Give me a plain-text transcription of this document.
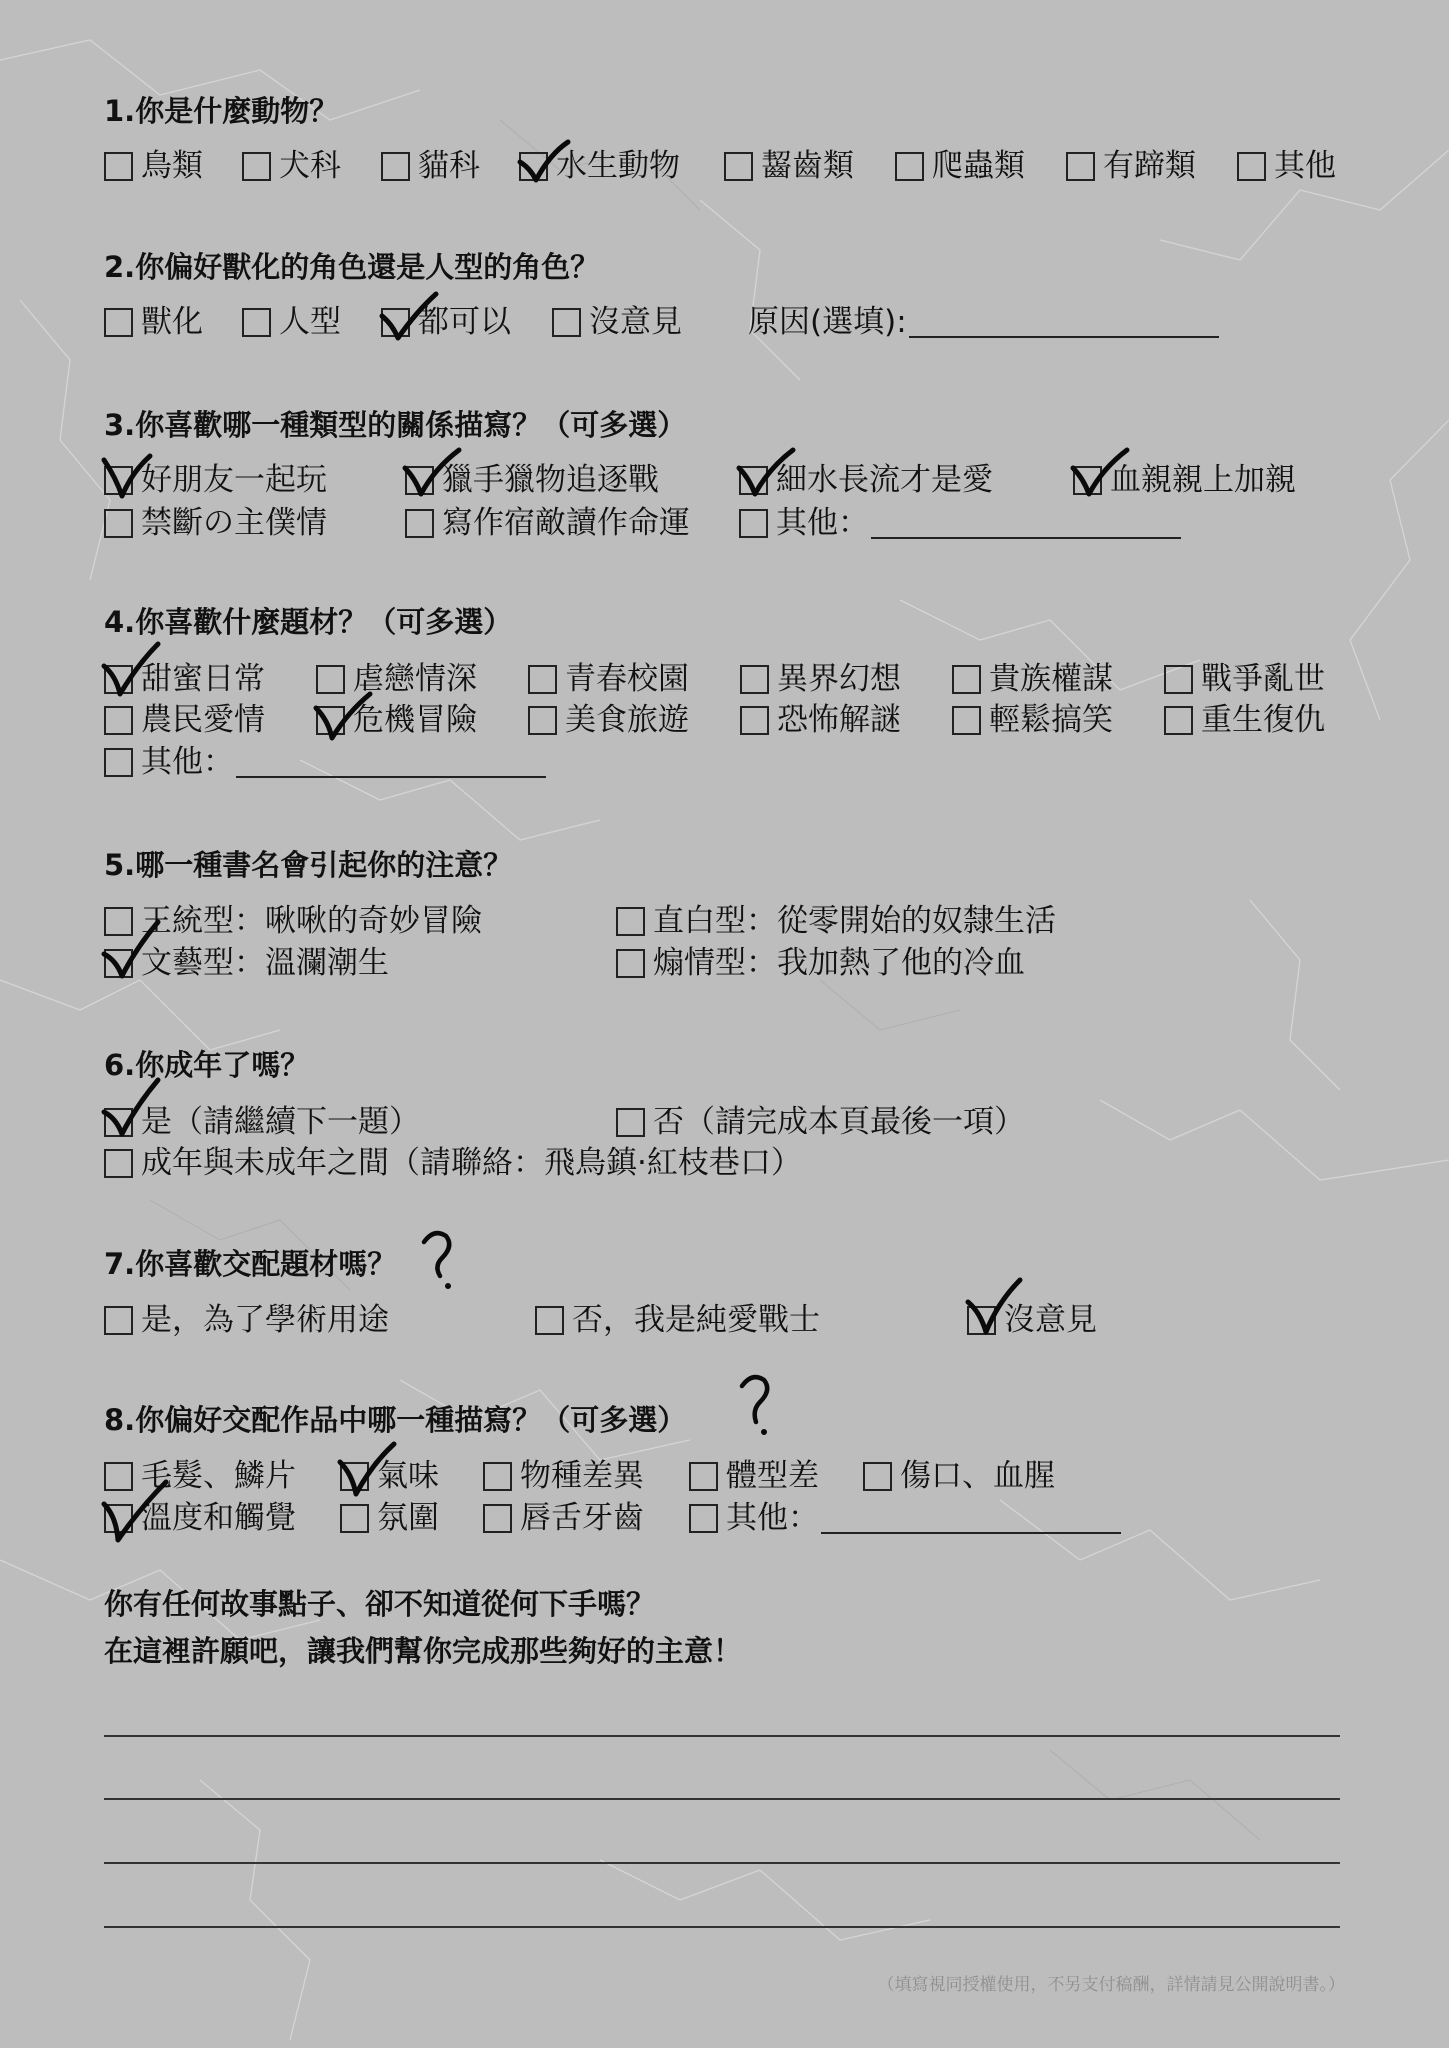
1.你是什麼動物？
鳥類 犬科 貓科 水生動物	齧齒類	爬蟲類	有蹄類	其他
2.你偏好獸化的角色還是人型的角色？
獸化 人型 都可以	沒意見 原因(選填):
3.你喜歡哪一種類型的關係描寫？（可多選）
好朋友一起玩	獵手獵物追逐戰	細水長流才是愛	血親親上加親
禁斷の主僕情	寫作宿敵讀作命運	其他：
4.你喜歡什麼題材？（可多選）
甜蜜日常	虐戀情深	青春校園	異界幻想	貴族權謀	戰爭亂世
農民愛情	危機冒險	美食旅遊	恐怖解謎	輕鬆搞笑	重生復仇
其他：
5.哪一種書名會引起你的注意？
王統型：啾啾的奇妙冒險	直白型：從零開始的奴隸生活
文藝型：溫瀾潮生	煽情型：我加熱了他的冷血
6.你成年了嗎？
是（請繼續下一題）	否（請完成本頁最後一項）
成年與未成年之間（請聯絡：飛鳥鎮·紅枝巷口）
7.你喜歡交配題材嗎？
是，為了學術用途	否，我是純愛戰士	沒意見
8.你偏好交配作品中哪一種描寫？（可多選）
毛髮、鱗片	氣味	物種差異	體型差	傷口、血腥
溫度和觸覺	氛圍	唇舌牙齒	其他：

你有任何故事點子、卻不知道從何下手嗎？

在這裡許願吧，讓我們幫你完成那些夠好的主意！

（填寫視同授權使用，不另支付稿酬，詳情請見公開說明書。）
